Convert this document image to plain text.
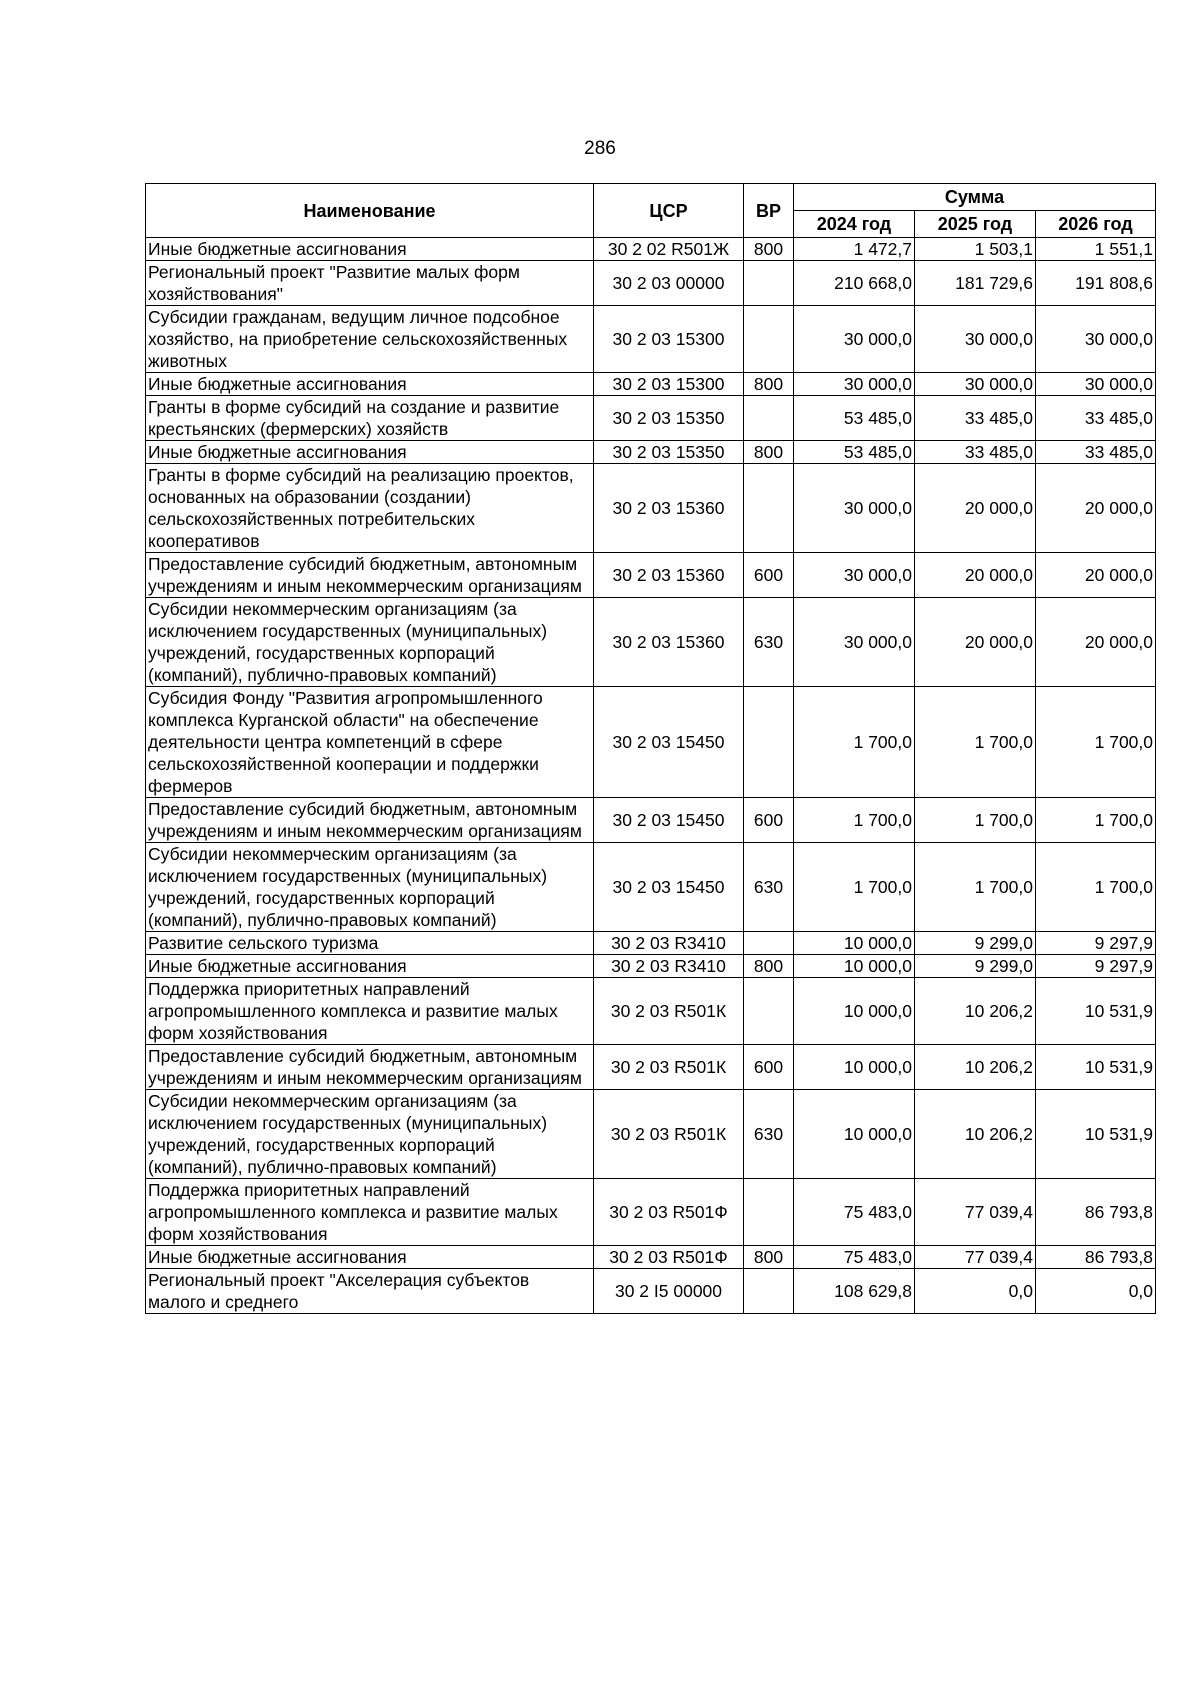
286
Наименование	ЦСР	ВР	Сумма		
			2024 год	2025 год	2026 год
Иные бюджетные ассигнования	30 2 02 R501Ж	800	1 472,7	1 503,1	1 551,1
Региональный проект "Развитие малых форм хозяйствования"	30 2 03 00000		210 668,0	181 729,6	191 808,6
Субсидии гражданам, ведущим личное подсобное хозяйство, на приобретение сельскохозяйственных животных	30 2 03 15300		30 000,0	30 000,0	30 000,0
Иные бюджетные ассигнования	30 2 03 15300	800	30 000,0	30 000,0	30 000,0
Гранты в форме субсидий на создание и развитие крестьянских (фермерских) хозяйств	30 2 03 15350		53 485,0	33 485,0	33 485,0
Иные бюджетные ассигнования	30 2 03 15350	800	53 485,0	33 485,0	33 485,0
Гранты в форме субсидий на реализацию проектов, основанных на образовании (создании) сельскохозяйственных потребительских кооперативов	30 2 03 15360		30 000,0	20 000,0	20 000,0
Предоставление субсидий бюджетным, автономным учреждениям и иным некоммерческим организациям	30 2 03 15360	600	30 000,0	20 000,0	20 000,0
Субсидии некоммерческим организациям (за исключением государственных (муниципальных) учреждений, государственных корпораций (компаний), публично-правовых компаний)	30 2 03 15360	630	30 000,0	20 000,0	20 000,0
Субсидия Фонду "Развития агропромышленного комплекса Курганской области" на обеспечение деятельности центра компетенций в сфере сельскохозяйственной кооперации и поддержки фермеров	30 2 03 15450		1 700,0	1 700,0	1 700,0
Предоставление субсидий бюджетным, автономным учреждениям и иным некоммерческим организациям	30 2 03 15450	600	1 700,0	1 700,0	1 700,0
Субсидии некоммерческим организациям (за исключением государственных (муниципальных) учреждений, государственных корпораций (компаний), публично-правовых компаний)	30 2 03 15450	630	1 700,0	1 700,0	1 700,0
Развитие сельского туризма	30 2 03 R3410		10 000,0	9 299,0	9 297,9
Иные бюджетные ассигнования	30 2 03 R3410	800	10 000,0	9 299,0	9 297,9
Поддержка приоритетных направлений агропромышленного комплекса и развитие малых форм хозяйствования	30 2 03 R501К		10 000,0	10 206,2	10 531,9
Предоставление субсидий бюджетным, автономным учреждениям и иным некоммерческим организациям	30 2 03 R501К	600	10 000,0	10 206,2	10 531,9
Субсидии некоммерческим организациям (за исключением государственных (муниципальных) учреждений, государственных корпораций (компаний), публично-правовых компаний)	30 2 03 R501К	630	10 000,0	10 206,2	10 531,9
Поддержка приоритетных направлений агропромышленного комплекса и развитие малых форм хозяйствования	30 2 03 R501Ф		75 483,0	77 039,4	86 793,8
Иные бюджетные ассигнования	30 2 03 R501Ф	800	75 483,0	77 039,4	86 793,8
Региональный проект "Акселерация субъектов малого и среднего	30 2 I5 00000		108 629,8	0,0	0,0
